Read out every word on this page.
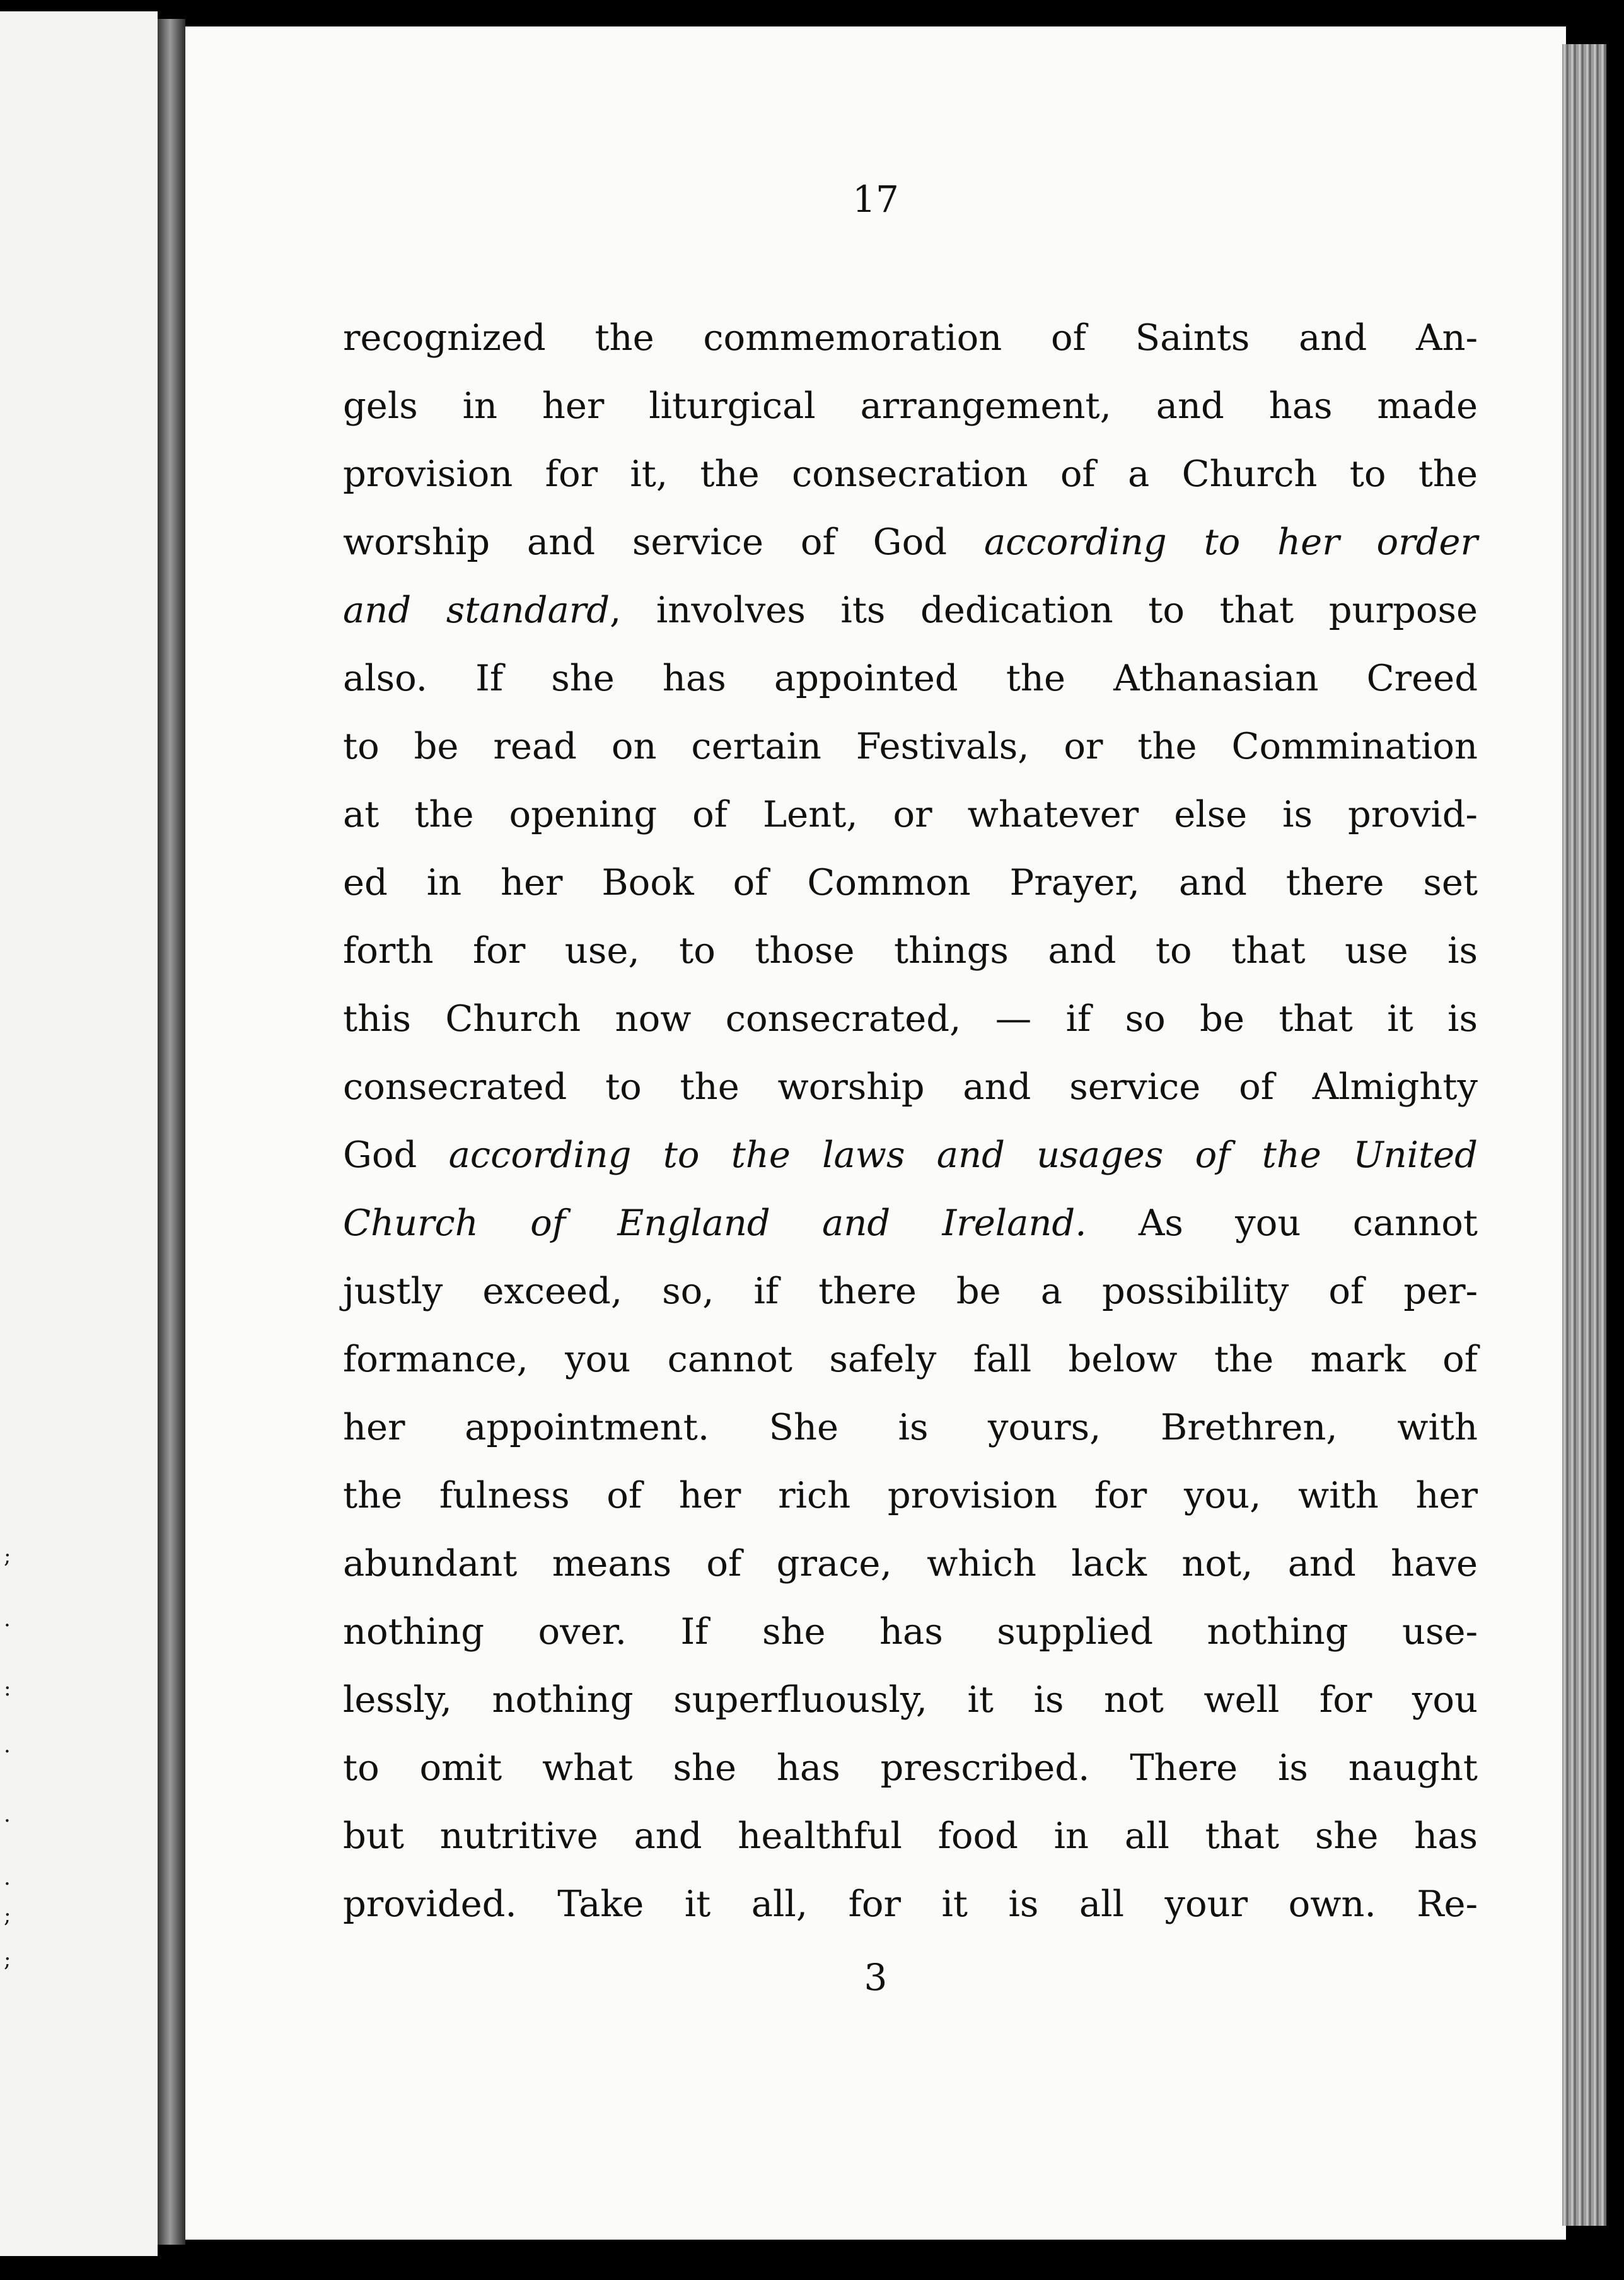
;
.
:
·
·
·
;
;
17
recognized the commemoration of Saints and An-
gels in her liturgical arrangement, and has made
provision for it, the consecration of a Church to the
worship and service of God according to her order
and standard, involves its dedication to that purpose
also. If she has appointed the Athanasian Creed
to be read on certain Festivals, or the Commination
at the opening of Lent, or whatever else is provid-
ed in her Book of Common Prayer, and there set
forth for use, to those things and to that use is
this Church now consecrated, — if so be that it is
consecrated to the worship and service of Almighty
God according to the laws and usages of the United
Church of England and Ireland. As you cannot
justly exceed, so, if there be a possibility of per-
formance, you cannot safely fall below the mark of
her appointment. She is yours, Brethren, with
the fulness of her rich provision for you, with her
abundant means of grace, which lack not, and have
nothing over. If she has supplied nothing use-
lessly, nothing superfluously, it is not well for you
to omit what she has prescribed. There is naught
but nutritive and healthful food in all that she has
provided. Take it all, for it is all your own. Re-
3
